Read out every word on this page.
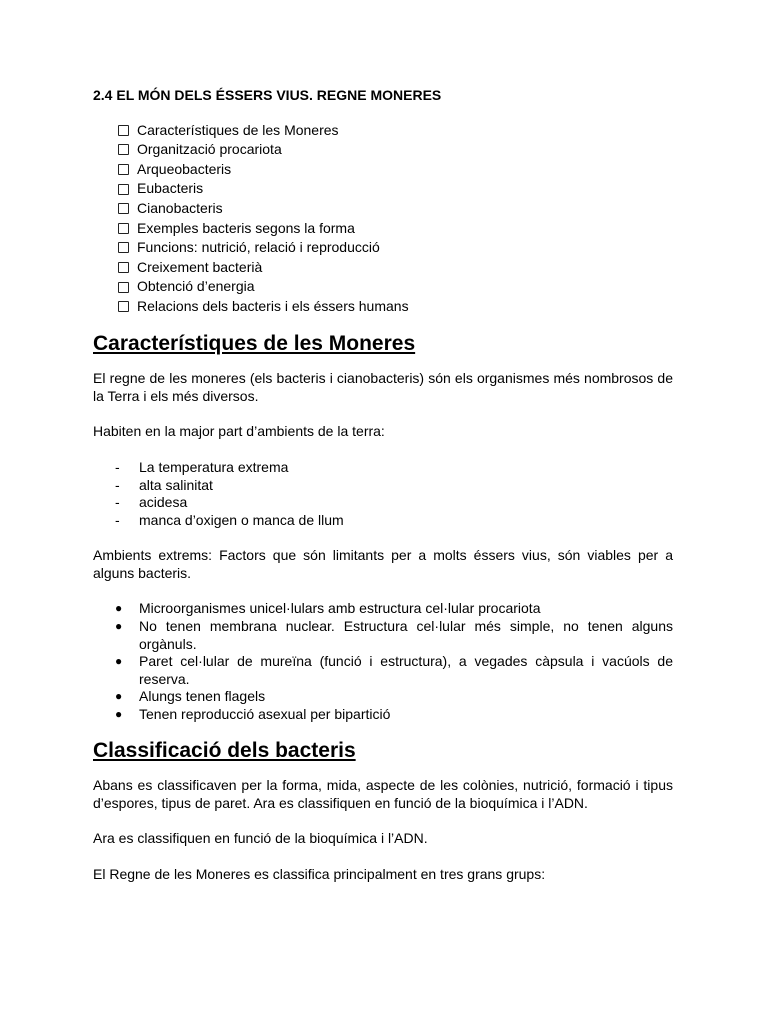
2.4 EL MÓN DELS ÉSSERS VIUS. REGNE MONERES
Característiques de les Moneres
Organització procariota
Arqueobacteris
Eubacteris
Cianobacteris
Exemples bacteris segons la forma
Funcions: nutrició, relació i reproducció
Creixement bacterià
Obtenció d’energia
Relacions dels bacteris i els éssers humans
Característiques de les Moneres

El regne de les moneres (els bacteris i cianobacteris) són els organismes més nombrosos de la Terra i els més diversos.

Habiten en la major part d’ambients de la terra:

- La temperatura extrema
- alta salinitat
- acidesa
- manca d’oxigen o manca de llum

Ambients extrems: Factors que són limitants per a molts éssers vius, són viables per a alguns bacteris.

● Microorganismes unicel·lulars amb estructura cel·lular procariota
● No tenen membrana nuclear. Estructura cel·lular més simple, no tenen alguns orgànuls.
● Paret cel·lular de mureïna (funció i estructura), a vegades càpsula i vacúols de reserva.
● Alungs tenen flagels
● Tenen reproducció asexual per bipartició
Classificació dels bacteris

Abans es classificaven per la forma, mida, aspecte de les colònies, nutrició, formació i tipus d’espores, tipus de paret. Ara es classifiquen en funció de la bioquímica i l’ADN.

Ara es classifiquen en funció de la bioquímica i l’ADN.

El Regne de les Moneres es classifica principalment en tres grans grups:
